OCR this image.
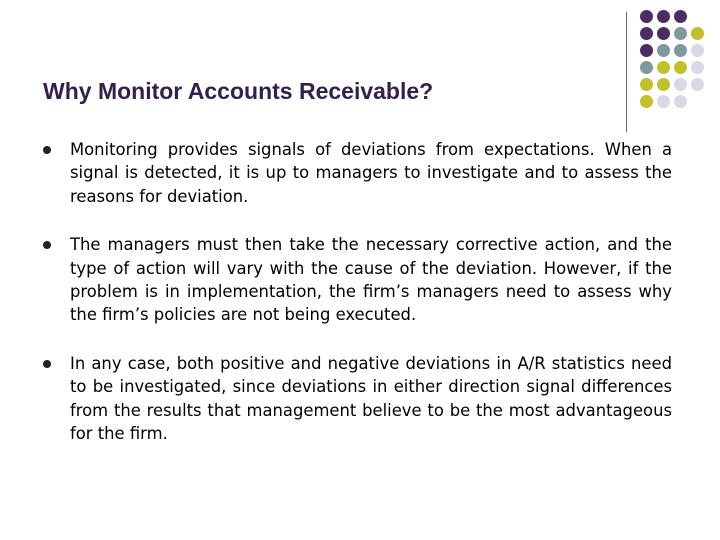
Why Monitor Accounts Receivable?
Monitoring provides signals of deviations from expectations. When a signal is detected, it is up to managers to investigate and to assess the reasons for deviation.
The managers must then take the necessary corrective action, and the type of action will vary with the cause of the deviation. However, if the problem is in implementation, the firm’s managers need to assess why the firm’s policies are not being executed.
In any case, both positive and negative deviations in A/R statistics need to be investigated, since deviations in either direction signal differences from the results that management believe to be the most advantageous for the firm.
